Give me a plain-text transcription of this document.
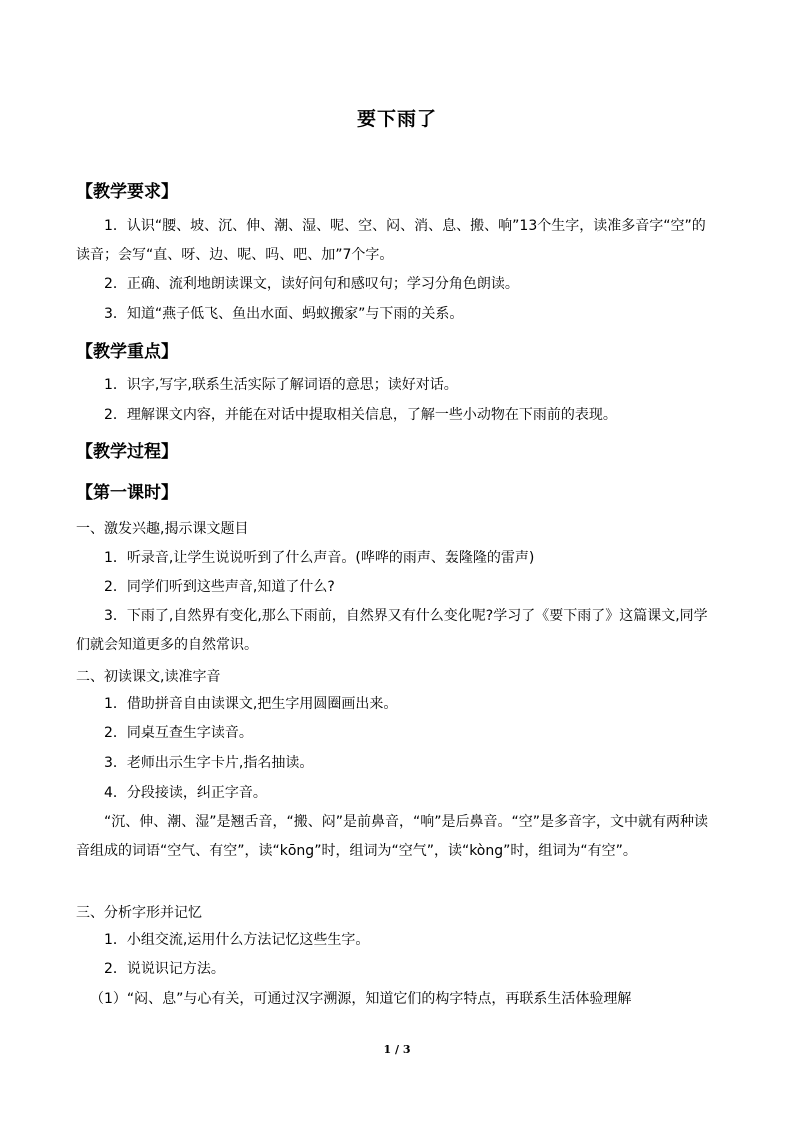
要下雨了
【教学要求】
1．认识“腰、坡、沉、伸、潮、湿、呢、空、闷、消、息、搬、响”13个生字，读准多音字“空”的读音；会写“直、呀、边、呢、吗、吧、加”7个字。
2．正确、流利地朗读课文，读好问句和感叹句；学习分角色朗读。
3．知道“燕子低飞、鱼出水面、蚂蚁搬家”与下雨的关系。
【教学重点】
1．识字,写字,联系生活实际了解词语的意思；读好对话。
2．理解课文内容，并能在对话中提取相关信息，了解一些小动物在下雨前的表现。
【教学过程】
【第一课时】
一、激发兴趣,揭示课文题目
1．听录音,让学生说说听到了什么声音。(哗哗的雨声、轰隆隆的雷声)
2．同学们听到这些声音,知道了什么?
3．下雨了,自然界有变化,那么下雨前，自然界又有什么变化呢?学习了《要下雨了》这篇课文,同学们就会知道更多的自然常识。
二、初读课文,读准字音
1．借助拼音自由读课文,把生字用圆圈画出来。
2．同桌互查生字读音。
3．老师出示生字卡片,指名抽读。
4．分段接读，纠正字音。
“沉、伸、潮、湿”是翘舌音，“搬、闷”是前鼻音，“响”是后鼻音。“空”是多音字，文中就有两种读音组成的词语“空气、有空”，读“kōng”时，组词为“空气”，读“kòng”时，组词为“有空”。
三、分析字形并记忆
1．小组交流,运用什么方法记忆这些生字。
2．说说识记方法。
（1）“闷、息”与心有关，可通过汉字溯源，知道它们的构字特点，再联系生活体验理解
1 / 3
